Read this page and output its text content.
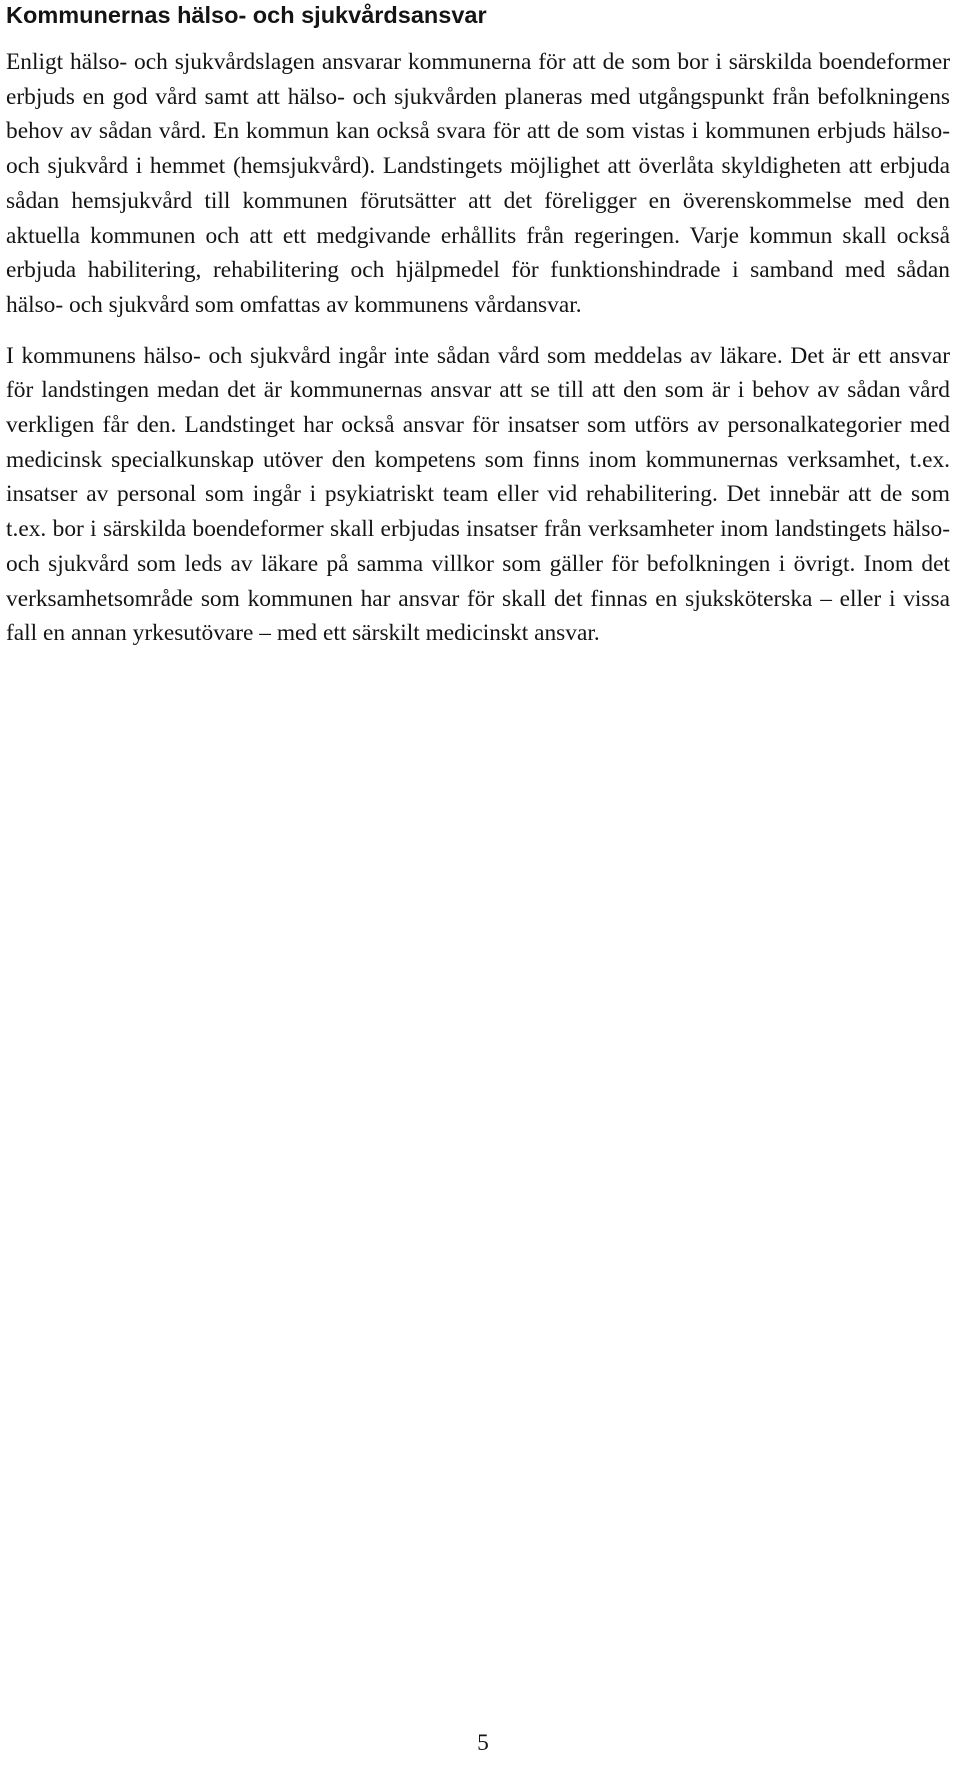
Kommunernas hälso- och sjukvårdsansvar

Enligt hälso- och sjukvårdslagen ansvarar kommunerna för att de som bor i särskilda boendeformer erbjuds en god vård samt att hälso- och sjukvården planeras med utgångspunkt från befolkningens behov av sådan vård. En kommun kan också svara för att de som vistas i kommunen erbjuds hälso- och sjukvård i hemmet (hemsjukvård). Landstingets möjlighet att överlåta skyldigheten att erbjuda sådan hemsjukvård till kommunen förutsätter att det föreligger en överenskommelse med den aktuella kommunen och att ett medgivande erhållits från regeringen. Varje kommun skall också erbjuda habilitering, rehabilitering och hjälpmedel för funktionshindrade i samband med sådan hälso- och sjukvård som omfattas av kommunens vårdansvar.

I kommunens hälso- och sjukvård ingår inte sådan vård som meddelas av läkare. Det är ett ansvar för landstingen medan det är kommunernas ansvar att se till att den som är i behov av sådan vård verkligen får den. Landstinget har också ansvar för insatser som utförs av personalkategorier med medicinsk specialkunskap utöver den kompetens som finns inom kommunernas verksamhet, t.ex. insatser av personal som ingår i psykiatriskt team eller vid rehabilitering. Det innebär att de som t.ex. bor i särskilda boendeformer skall erbjudas insatser från verksamheter inom landstingets hälso- och sjukvård som leds av läkare på samma villkor som gäller för befolkningen i övrigt. Inom det verksamhetsområde som kommunen har ansvar för skall det finnas en sjuksköterska – eller i vissa fall en annan yrkesutövare – med ett särskilt medicinskt ansvar.

5
